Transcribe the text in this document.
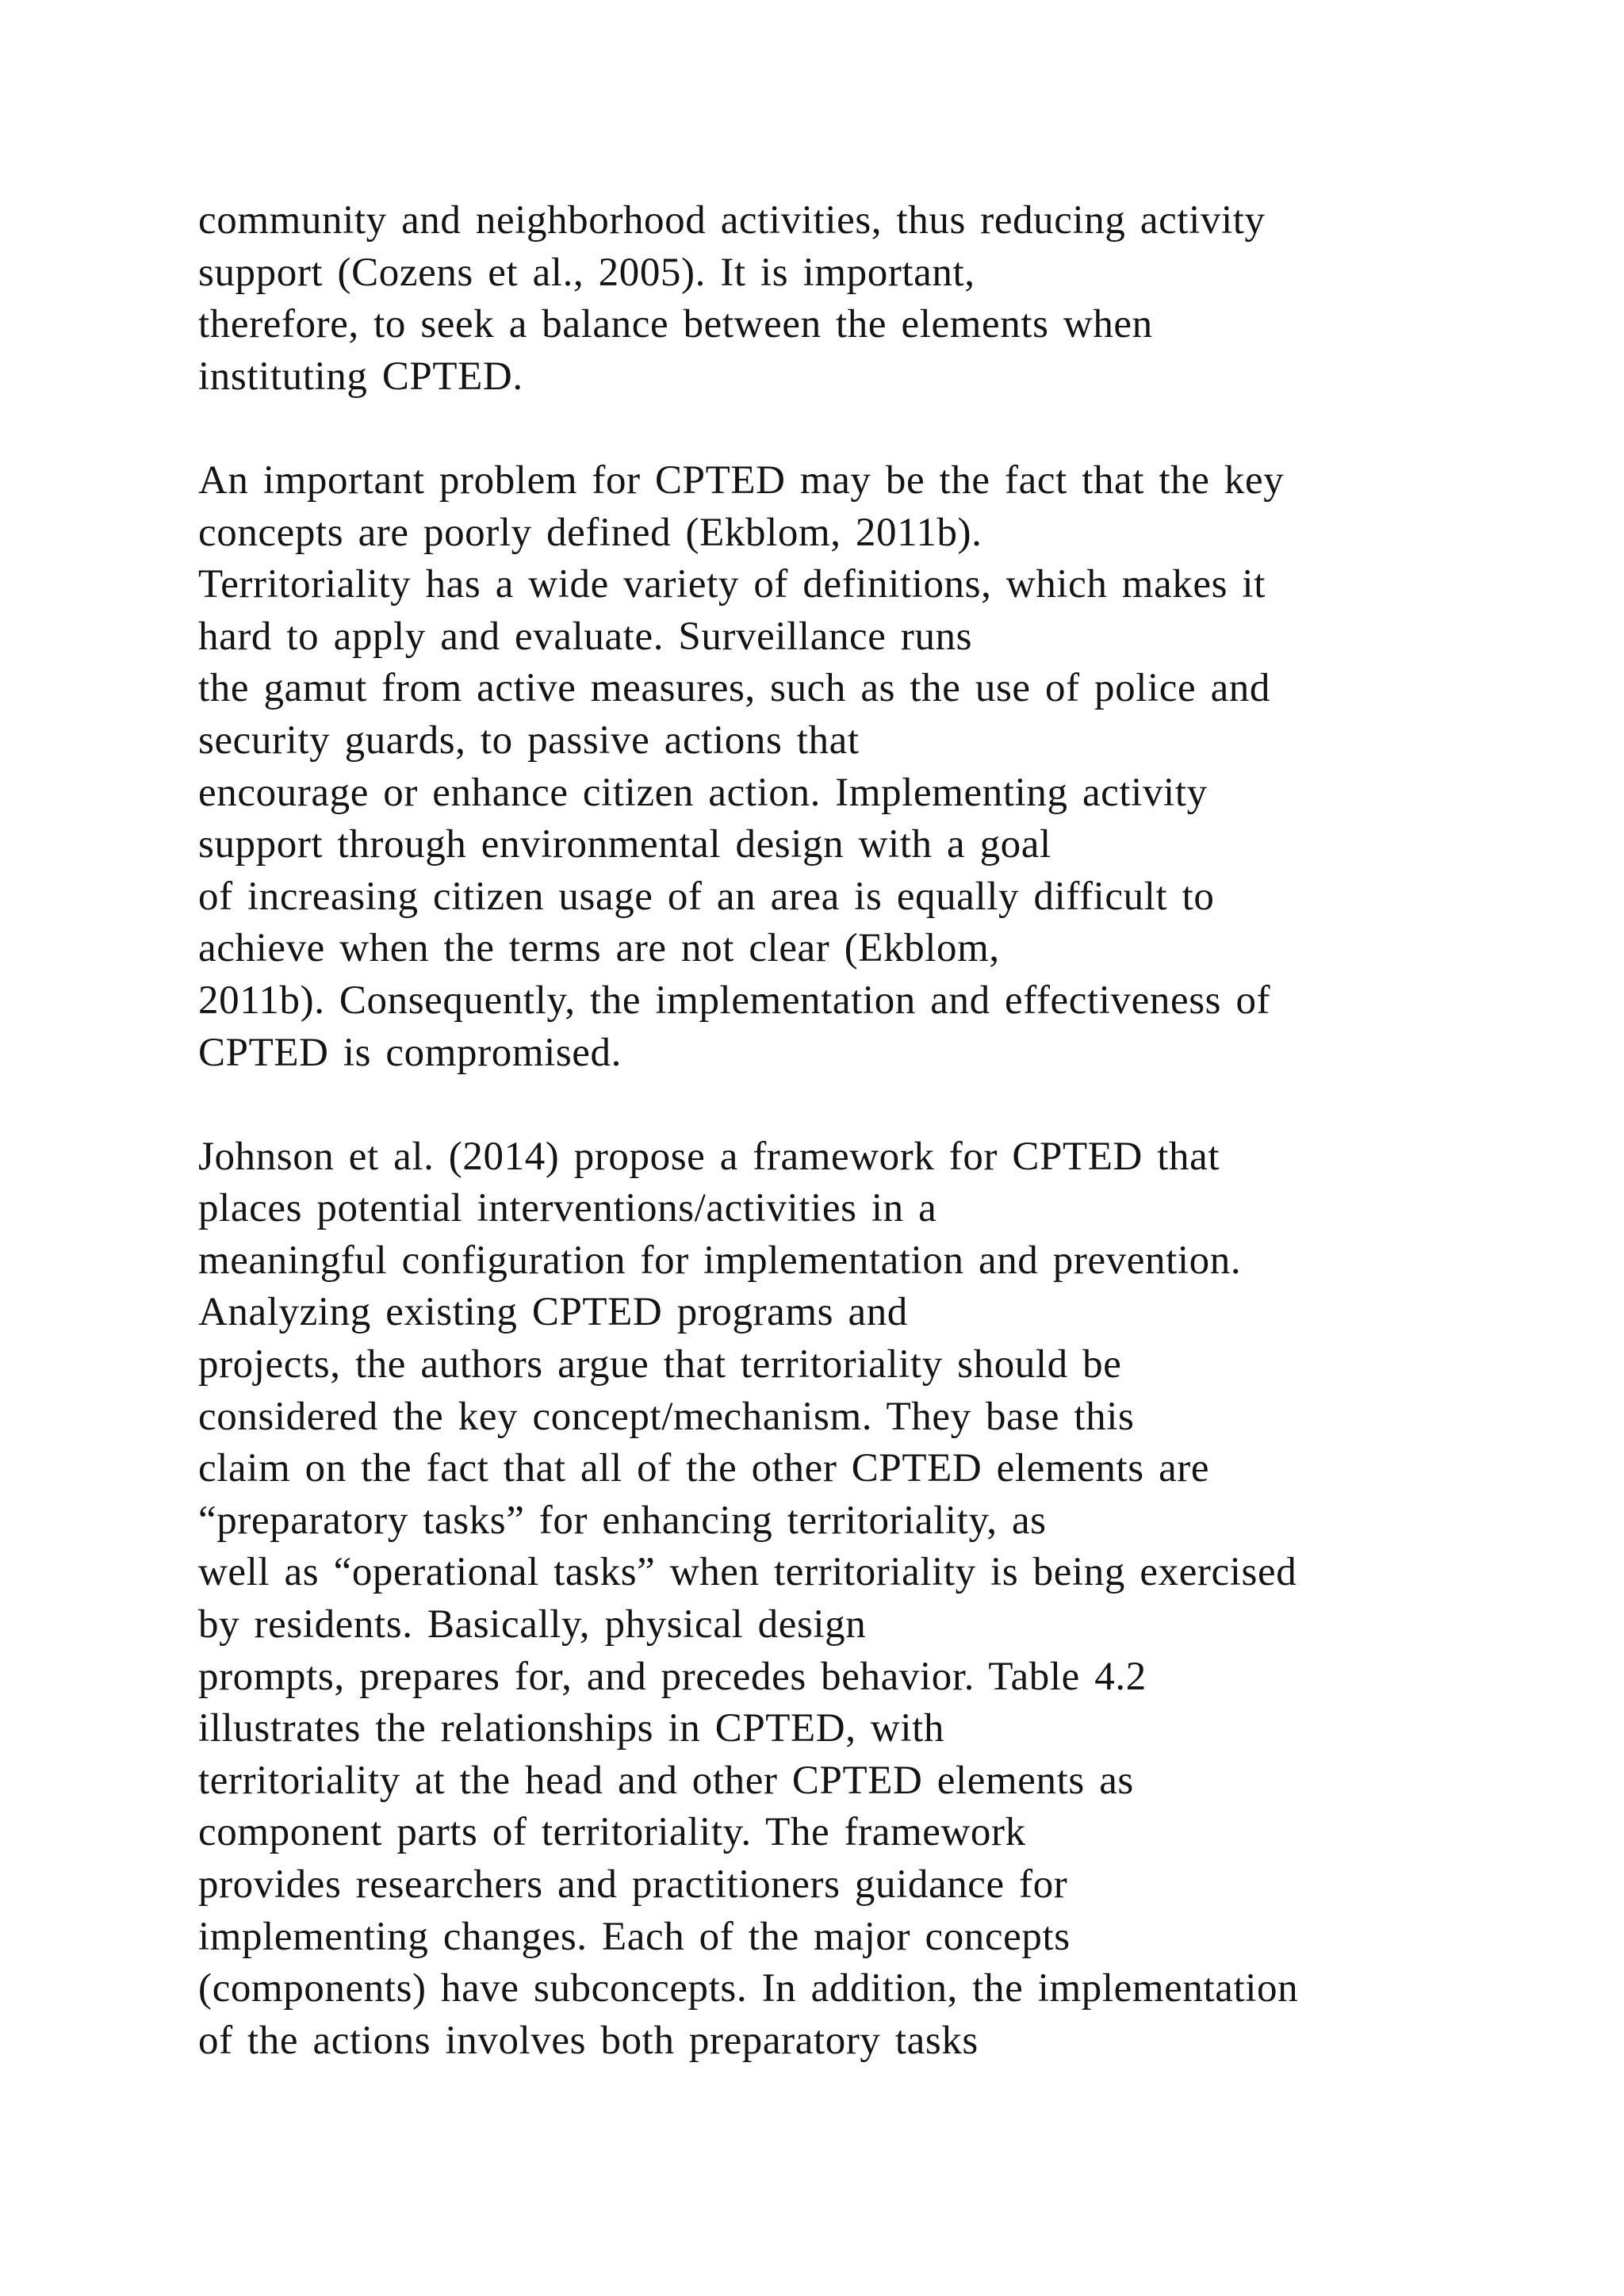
community and neighborhood activities, thus reducing activity
support (Cozens et al., 2005). It is important,
therefore, to seek a balance between the elements when
instituting CPTED.

An important problem for CPTED may be the fact that the key
concepts are poorly defined (Ekblom, 2011b).
Territoriality has a wide variety of definitions, which makes it
hard to apply and evaluate. Surveillance runs
the gamut from active measures, such as the use of police and
security guards, to passive actions that
encourage or enhance citizen action. Implementing activity
support through environmental design with a goal
of increasing citizen usage of an area is equally difficult to
achieve when the terms are not clear (Ekblom,
2011b). Consequently, the implementation and effectiveness of
CPTED is compromised.

Johnson et al. (2014) propose a framework for CPTED that
places potential interventions/activities in a
meaningful configuration for implementation and prevention.
Analyzing existing CPTED programs and
projects, the authors argue that territoriality should be
considered the key concept/mechanism. They base this
claim on the fact that all of the other CPTED elements are
“preparatory tasks” for enhancing territoriality, as
well as “operational tasks” when territoriality is being exercised
by residents. Basically, physical design
prompts, prepares for, and precedes behavior. Table 4.2
illustrates the relationships in CPTED, with
territoriality at the head and other CPTED elements as
component parts of territoriality. The framework
provides researchers and practitioners guidance for
implementing changes. Each of the major concepts
(components) have subconcepts. In addition, the implementation
of the actions involves both preparatory tasks
